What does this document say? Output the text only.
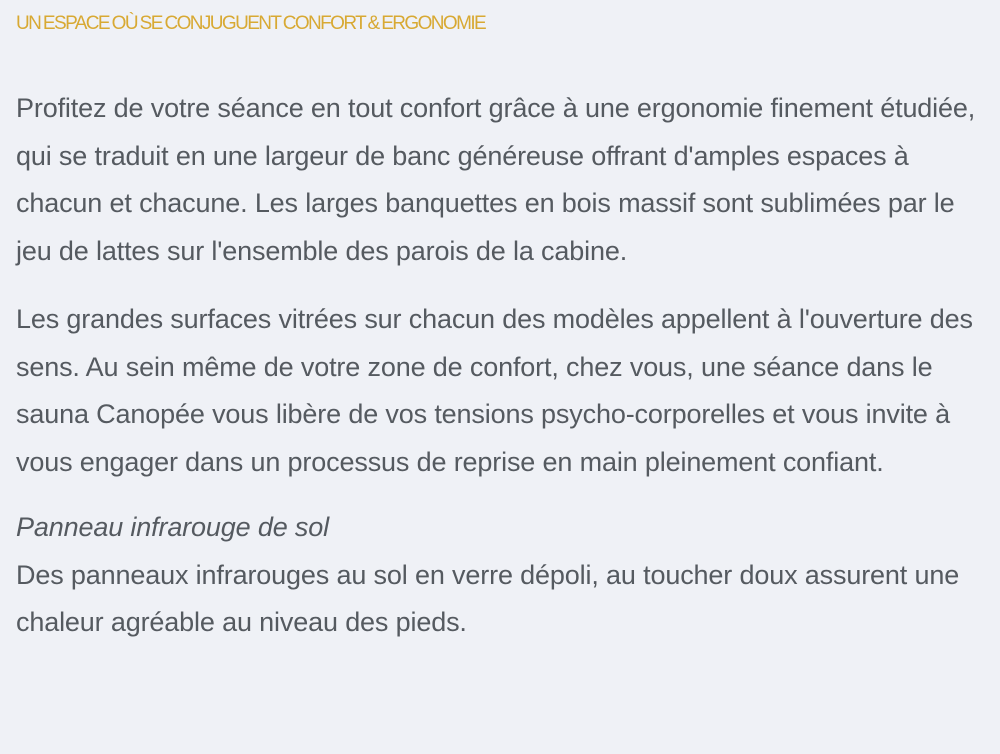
UN ESPACE OÙ SE CONJUGUENT CONFORT & ERGONOMIE

Profitez de votre séance en tout confort grâce à une ergonomie finement étudiée, qui se traduit en une largeur de banc généreuse offrant d'amples espaces à chacun et chacune. Les larges banquettes en bois massif sont sublimées par le jeu de lattes sur l'ensemble des parois de la cabine.

Les grandes surfaces vitrées sur chacun des modèles appellent à l'ouverture des sens. Au sein même de votre zone de confort, chez vous, une séance dans le sauna Canopée vous libère de vos tensions psycho-corporelles et vous invite à vous engager dans un processus de reprise en main pleinement confiant.

Panneau infrarouge de sol
Des panneaux infrarouges au sol en verre dépoli, au toucher doux assurent une chaleur agréable au niveau des pieds.
